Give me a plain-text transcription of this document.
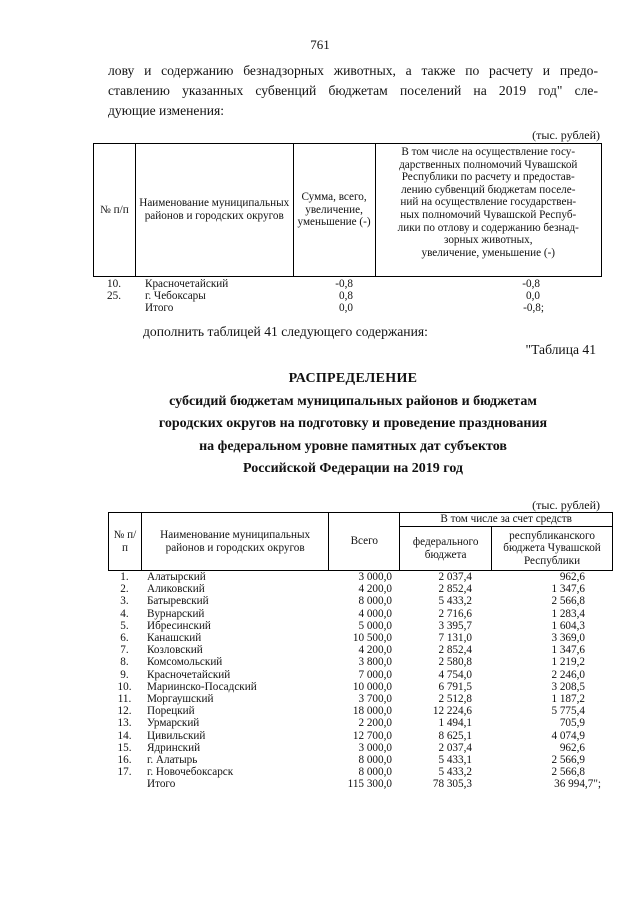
761
лову и содержанию безнадзорных животных, а также по расчету и предо-
ставлению указанных субвенций бюджетам поселений на 2019 год" сле-
дующие изменения:
(тыс. рублей)
№ п/п	Наименование муниципальных районов и городских округов	Сумма, всего, увеличение, уменьшение (-)	
В том числе на осуществление госу-
дарственных полномочий Чувашской
Республики по расчету и предостав-
лению субвенций бюджетам поселе-
ний на осуществление государствен-
ных полномочий Чувашской Респуб-
лики по отлову и содержанию безнад-
зорных животных,
увеличение, уменьшение (-)
10.	Красночетайский	-0,8	-0,8
25.	г. Чебоксары	0,8	0,0
	Итого	0,0	-0,8;
дополнить таблицей 41 следующего содержания:
"Таблица 41
РАСПРЕДЕЛЕНИЕ
субсидий бюджетам муниципальных районов и бюджетам
городских округов на подготовку и проведение празднования
на федеральном уровне памятных дат субъектов
Российской Федерации на 2019 год
(тыс. рублей)
№ п/п	Наименование муниципальных районов и городских округов	Всего	В том числе за счет средств	
			федерального бюджета	республиканского бюджета Чувашской Республики
1.	Алатырский	3 000,0	2 037,4	962,6
2.	Аликовский	4 200,0	2 852,4	1 347,6
3.	Батыревский	8 000,0	5 433,2	2 566,8
4.	Вурнарский	4 000,0	2 716,6	1 283,4
5.	Ибресинский	5 000,0	3 395,7	1 604,3
6.	Канашский	10 500,0	7 131,0	3 369,0
7.	Козловский	4 200,0	2 852,4	1 347,6
8.	Комсомольский	3 800,0	2 580,8	1 219,2
9.	Красночетайский	7 000,0	4 754,0	2 246,0
10.	Мариинско-Посадский	10 000,0	6 791,5	3 208,5
11.	Моргаушский	3 700,0	2 512,8	1 187,2
12.	Порецкий	18 000,0	12 224,6	5 775,4
13.	Урмарский	2 200,0	1 494,1	705,9
14.	Цивильский	12 700,0	8 625,1	4 074,9
15.	Ядринский	3 000,0	2 037,4	962,6
16.	г. Алатырь	8 000,0	5 433,1	2 566,9
17.	г. Новочебоксарск	8 000,0	5 433,2	2 566,8
	Итого	115 300,0	78 305,3	36 994,7";
